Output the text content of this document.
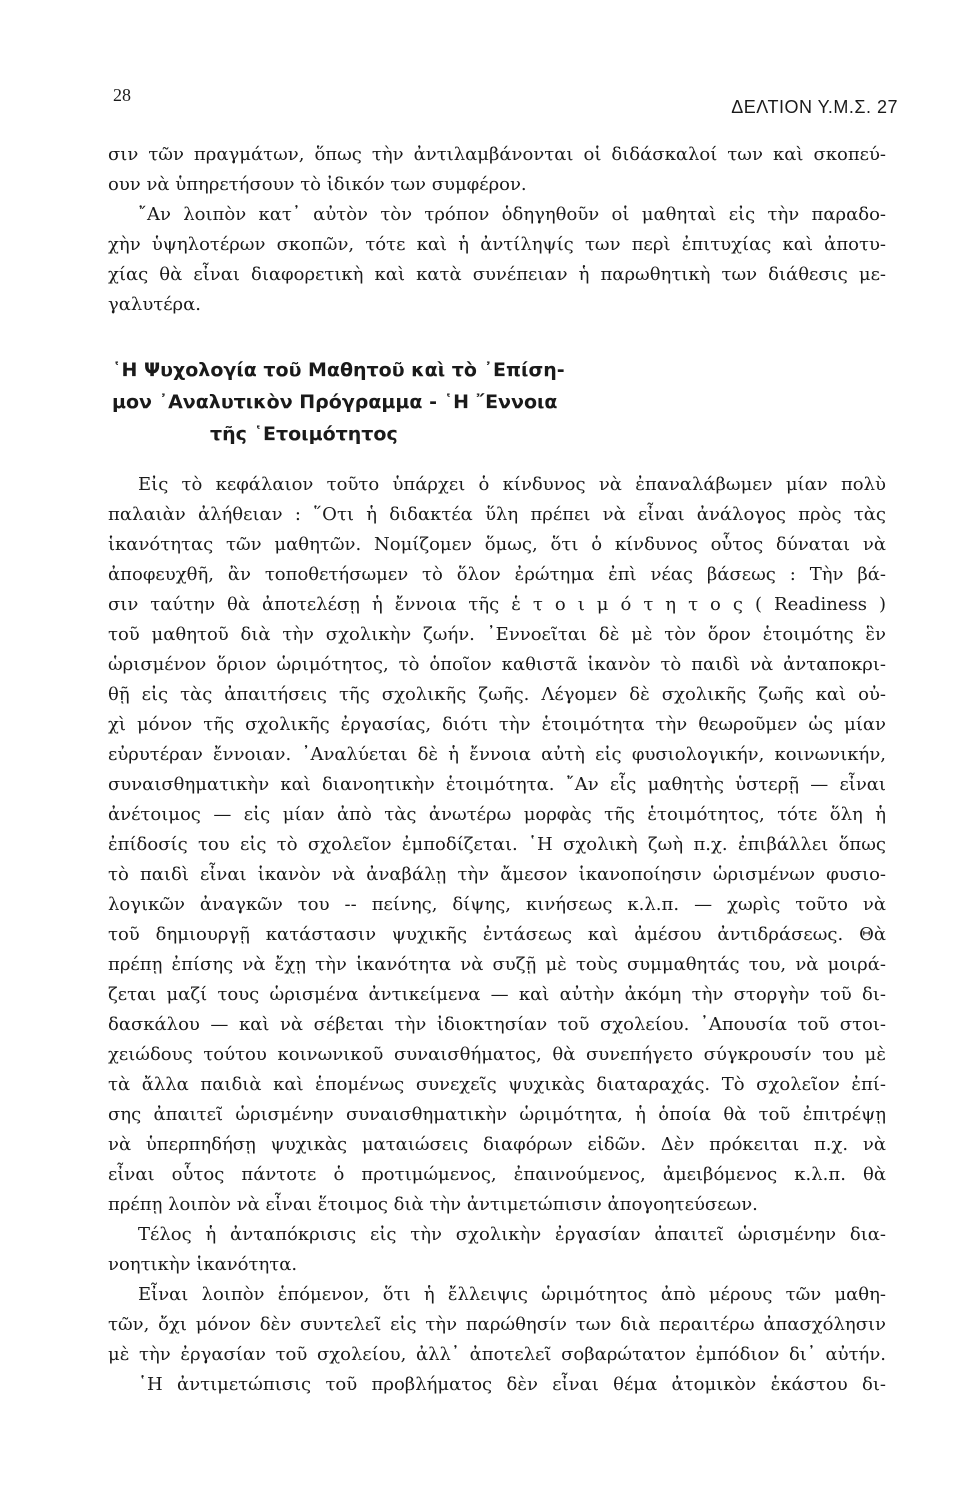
28
ΔΕΛΤΙΟΝ Υ.Μ.Σ. 27
σιν τῶν πραγμάτων, ὅπως τὴν ἀντιλαμβάνονται οἱ διδάσκαλοί των καὶ σκοπεύ-
ουν νὰ ὑπηρετήσουν τὸ ἰδικόν των συμφέρον.
῎Αν λοιπὸν κατ᾽ αὐτὸν τὸν τρόπον ὁδηγηθοῦν οἱ μαθηταὶ εἰς τὴν παραδο-
χὴν ὑψηλοτέρων σκοπῶν, τότε καὶ ἡ ἀντίληψίς των περὶ ἐπιτυχίας καὶ ἀποτυ-
χίας θὰ εἶναι διαφορετικὴ καὶ κατὰ συνέπειαν ἡ παρωθητικὴ των διάθεσις με-
γαλυτέρα.
῾Η Ψυχολογία τοῦ Μαθητοῦ καὶ τὸ ᾽Επίση-
μον ᾽Αναλυτικὸν Πρόγραμμα - ῾Η ῎Εννοια
τῆς ῾Ετοιμότητος
Εἰς τὸ κεφάλαιον τοῦτο ὑπάρχει ὁ κίνδυνος νὰ ἐπαναλάβωμεν μίαν πολὺ
παλαιὰν ἀλήθειαν : ῞Οτι ἡ διδακτέα ὕλη πρέπει νὰ εἶναι ἀνάλογος πρὸς τὰς
ἱκανότητας τῶν μαθητῶν. Νομίζομεν ὅμως, ὅτι ὁ κίνδυνος οὗτος δύναται νὰ
ἀποφευχθῆ, ἂν τοποθετήσωμεν τὸ ὅλον ἐρώτημα ἐπὶ νέας βάσεως : Τὴν βά-
σιν ταύτην θὰ ἀποτελέσῃ ἡ ἔννοια τῆς ἑ τ ο ι μ ό τ η τ ο ς ( Readiness )
τοῦ μαθητοῦ διὰ τὴν σχολικὴν ζωήν. ᾽Εννοεῖται δὲ μὲ τὸν ὅρον ἑτοιμότης ἓν
ὡρισμένον ὅριον ὡριμότητος, τὸ ὁποῖον καθιστᾶ ἱκανὸν τὸ παιδὶ νὰ ἀνταποκρι-
θῇ εἰς τὰς ἀπαιτήσεις τῆς σχολικῆς ζωῆς. Λέγομεν δὲ σχολικῆς ζωῆς καὶ οὐ-
χὶ μόνον τῆς σχολικῆς ἐργασίας, διότι τὴν ἑτοιμότητα τὴν θεωροῦμεν ὡς μίαν
εὐρυτέραν ἔννοιαν. ᾽Αναλύεται δὲ ἡ ἔννοια αὐτὴ εἰς φυσιολογικήν, κοινωνικήν,
συναισθηματικὴν καὶ διανοητικὴν ἑτοιμότητα. ῎Αν εἷς μαθητὴς ὑστερῇ — εἶναι
ἀνέτοιμος — εἰς μίαν ἀπὸ τὰς ἀνωτέρω μορφὰς τῆς ἑτοιμότητος, τότε ὅλη ἡ
ἐπίδοσίς του εἰς τὸ σχολεῖον ἐμποδίζεται. ῾Η σχολικὴ ζωὴ π.χ. ἐπιβάλλει ὅπως
τὸ παιδὶ εἶναι ἱκανὸν νὰ ἀναβάλῃ τὴν ἄμεσον ἱκανοποίησιν ὡρισμένων φυσιο-
λογικῶν ἀναγκῶν του -- πείνης, δίψης, κινήσεως κ.λ.π. — χωρὶς τοῦτο νὰ
τοῦ δημιουργῇ κατάστασιν ψυχικῆς ἐντάσεως καὶ ἀμέσου ἀντιδράσεως. Θὰ
πρέπῃ ἐπίσης νὰ ἔχῃ τὴν ἱκανότητα νὰ συζῇ μὲ τοὺς συμμαθητάς του, νὰ μοιρά-
ζεται μαζί τους ὡρισμένα ἀντικείμενα — καὶ αὐτὴν ἀκόμη τὴν στοργὴν τοῦ δι-
δασκάλου — καὶ νὰ σέβεται τὴν ἰδιοκτησίαν τοῦ σχολείου. ᾽Απουσία τοῦ στοι-
χειώδους τούτου κοινωνικοῦ συναισθήματος, θὰ συνεπήγετο σύγκρουσίν του μὲ
τὰ ἄλλα παιδιὰ καὶ ἑπομένως συνεχεῖς ψυχικὰς διαταραχάς. Τὸ σχολεῖον ἐπί-
σης ἀπαιτεῖ ὡρισμένην συναισθηματικὴν ὡριμότητα, ἡ ὁποία θὰ τοῦ ἐπιτρέψῃ
νὰ ὑπερπηδήσῃ ψυχικὰς ματαιώσεις διαφόρων εἰδῶν. Δὲν πρόκειται π.χ. νὰ
εἶναι οὗτος πάντοτε ὁ προτιμώμενος, ἐπαινούμενος, ἀμειβόμενος κ.λ.π. θὰ
πρέπῃ λοιπὸν νὰ εἶναι ἕτοιμος διὰ τὴν ἀντιμετώπισιν ἀπογοητεύσεων.
Τέλος ἡ ἀνταπόκρισις εἰς τὴν σχολικὴν ἐργασίαν ἀπαιτεῖ ὡρισμένην δια-
νοητικὴν ἱκανότητα.
Εἶναι λοιπὸν ἑπόμενον, ὅτι ἡ ἔλλειψις ὡριμότητος ἀπὸ μέρους τῶν μαθη-
τῶν, ὄχι μόνον δὲν συντελεῖ εἰς τὴν παρώθησίν των διὰ περαιτέρω ἀπασχόλησιν
μὲ τὴν ἐργασίαν τοῦ σχολείου, ἀλλ᾽ ἀποτελεῖ σοβαρώτατον ἐμπόδιον δι᾽ αὐτήν.
῾Η ἀντιμετώπισις τοῦ προβλήματος δὲν εἶναι θέμα ἀτομικὸν ἑκάστου δι-
